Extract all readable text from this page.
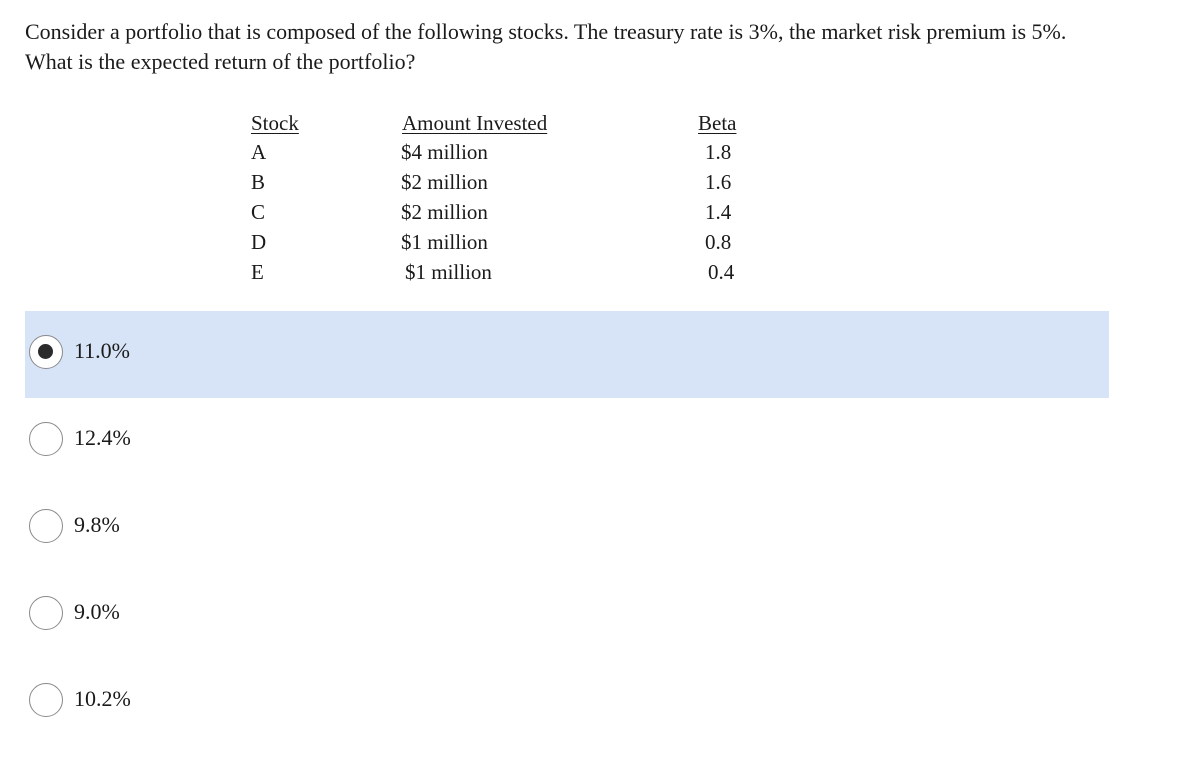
Consider a portfolio that is composed of the following stocks. The treasury rate is 3%, the market risk premium is 5%. What is the expected return of the portfolio?
Stock	Amount Invested	Beta
A	$4 million	1.8
B	$2 million	1.6
C	$2 million	1.4
D	$1 million	0.8
E	$1 million	0.4
11.0%
12.4%
9.8%
9.0%
10.2%
